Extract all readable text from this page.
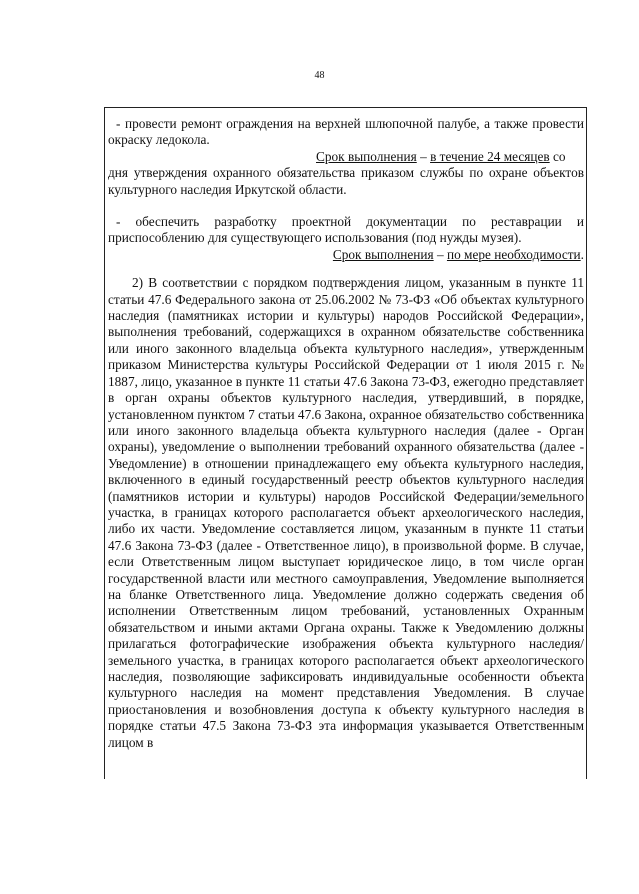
48

- провести ремонт ограждения на верхней шлюпочной палубе, а также провести окраску ледокола.

Срок выполнения – в течение 24 месяцев со

дня утверждения охранного обязательства приказом службы по охране объектов культурного наследия Иркутской области.

- обеспечить разработку проектной документации по реставрации и приспособлению для существующего использования (под нужды музея).

Срок выполнения – по мере необходимости.

2) В соответствии с порядком подтверждения лицом, указанным в пункте 11 статьи 47.6 Федерального закона от 25.06.2002 № 73-ФЗ «Об объектах культурного наследия (памятниках истории и культуры) народов Российской Федерации», выполнения требований, содержащихся в охранном обязательстве собственника или иного законного владельца объекта культурного наследия», утвержденным приказом Министерства культуры Российской Федерации от 1 июля 2015 г. № 1887, лицо, указанное в пункте 11 статьи 47.6 Закона 73-ФЗ, ежегодно представляет в орган охраны объектов культурного наследия, утвердивший, в порядке, установленном пунктом 7 статьи 47.6 Закона, охранное обязательство собственника или иного законного владельца объекта культурного наследия (далее - Орган охраны), уведомление о выполнении требований охранного обязательства (далее - Уведомление) в отношении принадлежащего ему объекта культурного наследия, включенного в единый государственный реестр объектов культурного наследия (памятников истории и культуры) народов Российской Федерации/земельного участка, в границах которого располагается объект археологического наследия, либо их части. Уведомление составляется лицом, указанным в пункте 11 статьи 47.6 Закона 73-ФЗ (далее - Ответственное лицо), в произвольной форме. В случае, если Ответственным лицом выступает юридическое лицо, в том числе орган государственной власти или местного самоуправления, Уведомление выполняется на бланке Ответственного лица. Уведомление должно содержать сведения об исполнении Ответственным лицом требований, установленных Охранным обязательством и иными актами Органа охраны. Также к Уведомлению должны прилагаться фотографические изображения объекта культурного наследия/земельного участка, в границах которого располагается объект археологического наследия, позволяющие зафиксировать индивидуальные особенности объекта культурного наследия на момент представления Уведомления. В случае приостановления и возобновления доступа к объекту культурного наследия в порядке статьи 47.5 Закона 73-ФЗ эта информация указывается Ответственным лицом в
